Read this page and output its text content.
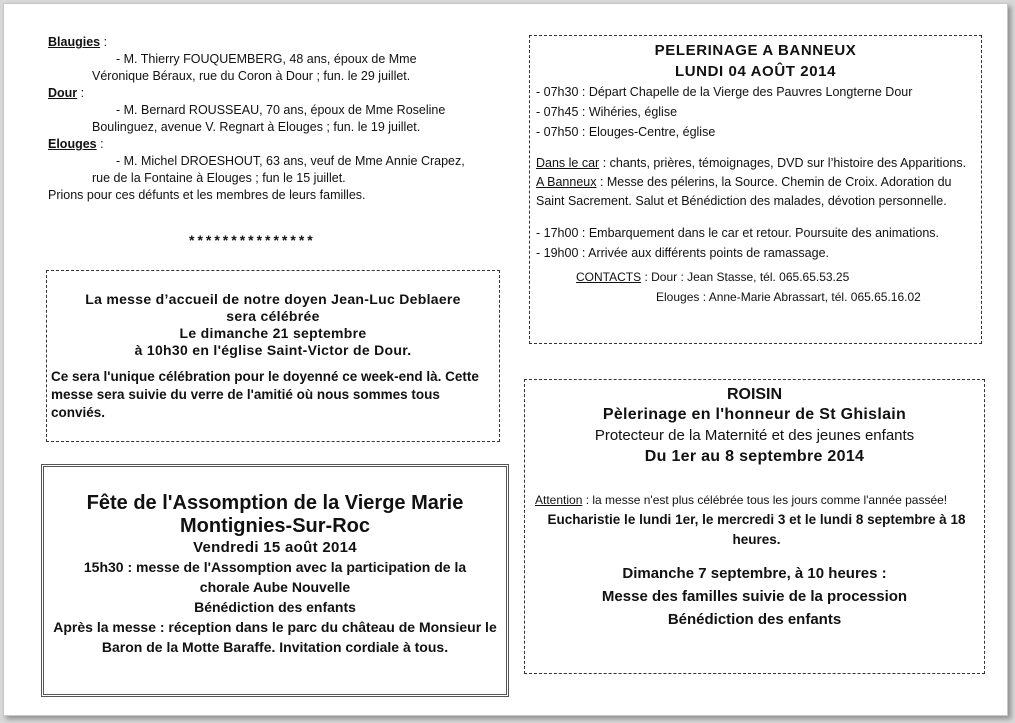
Blaugies :
- M. Thierry FOUQUEMBERG, 48 ans, époux de Mme
Véronique Béraux, rue du Coron à Dour ; fun. le 29 juillet.
Dour :
- M. Bernard ROUSSEAU, 70 ans, époux de Mme Roseline
Boulinguez, avenue V. Regnart à Elouges ; fun. le 19 juillet.
Elouges :
- M. Michel DROESHOUT, 63 ans, veuf de Mme Annie Crapez,
rue de la Fontaine à Elouges ; fun le 15 juillet.
Prions pour ces défunts et les membres de leurs familles.
***************
La messe d’accueil de notre doyen Jean-Luc Deblaere
sera célébrée
Le dimanche 21 septembre
à 10h30 en l'église Saint-Victor de Dour.
Ce sera l'unique célébration pour le doyenné ce week-end là. Cette messe sera suivie du verre de l'amitié où nous sommes tous conviés.
Fête de l'Assomption de la Vierge Marie
Montignies-Sur-Roc
Vendredi 15 août 2014
15h30 : messe de l'Assomption avec la participation de la
chorale Aube Nouvelle
Bénédiction des enfants
Après la messe : réception dans le parc du château de Monsieur le Baron de la Motte Baraffe. Invitation cordiale à tous.
PELERINAGE A BANNEUX
LUNDI 04 AOÛT 2014
- 07h30 : Départ Chapelle de la Vierge des Pauvres Longterne Dour
- 07h45 : Wihéries, église
- 07h50 : Elouges-Centre, église
Dans le car : chants, prières, témoignages, DVD sur l’histoire des Apparitions.
A Banneux : Messe des pélerins, la Source. Chemin de Croix. Adoration du Saint Sacrement. Salut et Bénédiction des malades, dévotion personnelle.
- 17h00 : Embarquement dans le car et retour. Poursuite des animations.
- 19h00 : Arrivée aux différents points de ramassage.
CONTACTS : Dour : Jean Stasse, tél. 065.65.53.25
Elouges : Anne-Marie Abrassart, tél. 065.65.16.02
ROISIN
Pèlerinage en l'honneur de St Ghislain
Protecteur de la Maternité et des jeunes enfants
Du 1er au 8 septembre 2014
Attention : la messe n'est plus célébrée tous les jours comme l'année passée!
Eucharistie le lundi 1er, le mercredi 3 et le lundi 8 septembre à 18 heures.
Dimanche 7 septembre, à 10 heures :
Messe des familles suivie de la procession
Bénédiction des enfants
